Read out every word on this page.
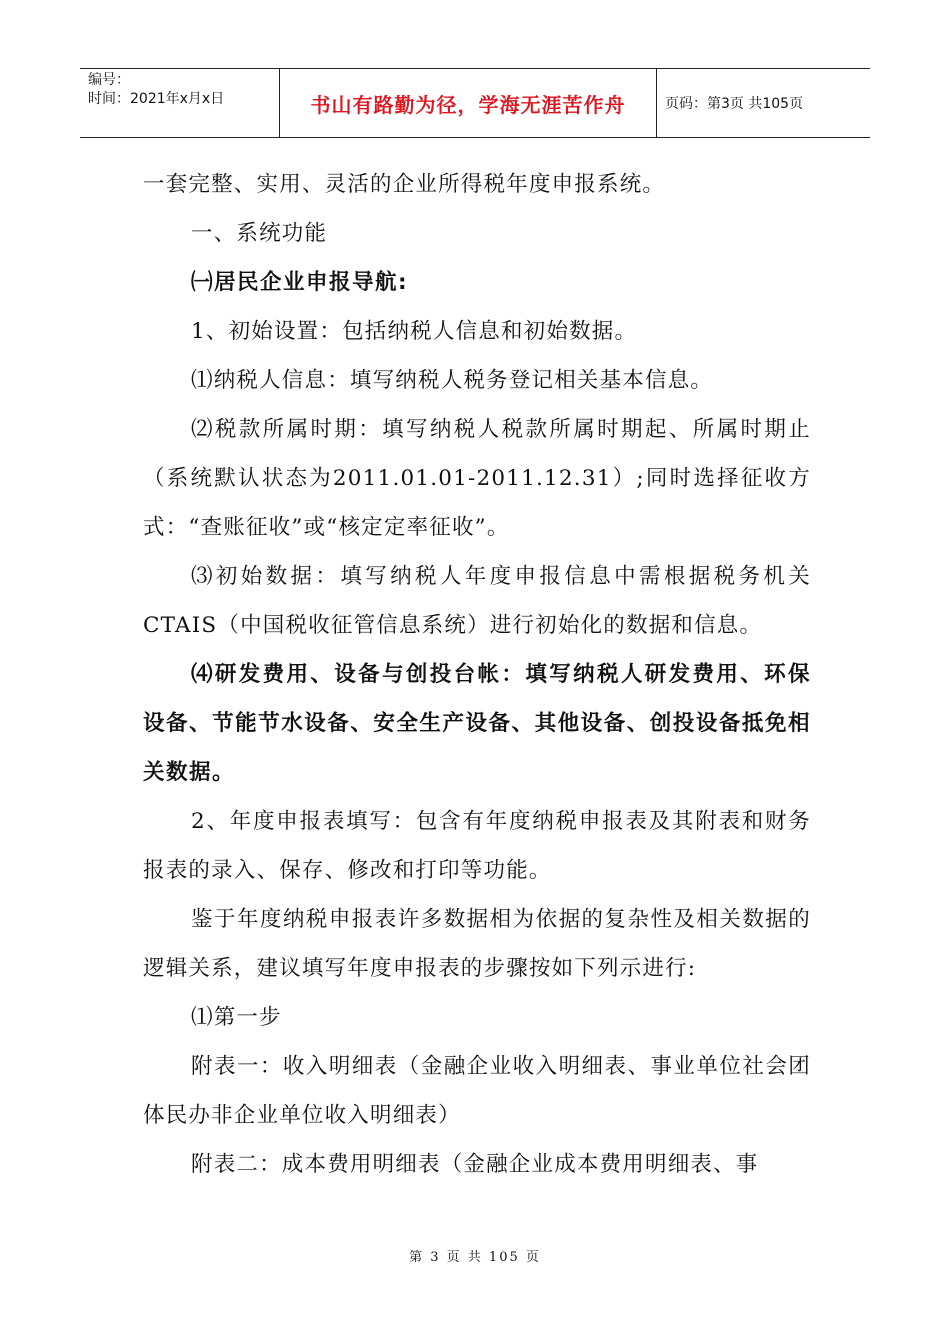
编号：
时间：2021年x月x日	书山有路勤为径，学海无涯苦作舟	页码：第3页 共105页

一套完整、实用、灵活的企业所得税年度申报系统。

一、系统功能

㈠居民企业申报导航:

1、初始设置：包括纳税人信息和初始数据。

⑴纳税人信息：填写纳税人税务登记相关基本信息。

⑵税款所属时期：填写纳税人税款所属时期起、所属时期止（系统默认状态为2011.01.01-2011.12.31）;同时选择征收方式：“查账征收”或“核定定率征收”。

⑶初始数据：填写纳税人年度申报信息中需根据税务机关CTAIS（中国税收征管信息系统）进行初始化的数据和信息。

⑷研发费用、设备与创投台帐：填写纳税人研发费用、环保设备、节能节水设备、安全生产设备、其他设备、创投设备抵免相关数据。

2、年度申报表填写：包含有年度纳税申报表及其附表和财务报表的录入、保存、修改和打印等功能。

鉴于年度纳税申报表许多数据相为依据的复杂性及相关数据的逻辑关系，建议填写年度申报表的步骤按如下列示进行:

⑴第一步

附表一：收入明细表（金融企业收入明细表、事业单位社会团体民办非企业单位收入明细表）

附表二：成本费用明细表（金融企业成本费用明细表、事

第 3 页 共 105 页
